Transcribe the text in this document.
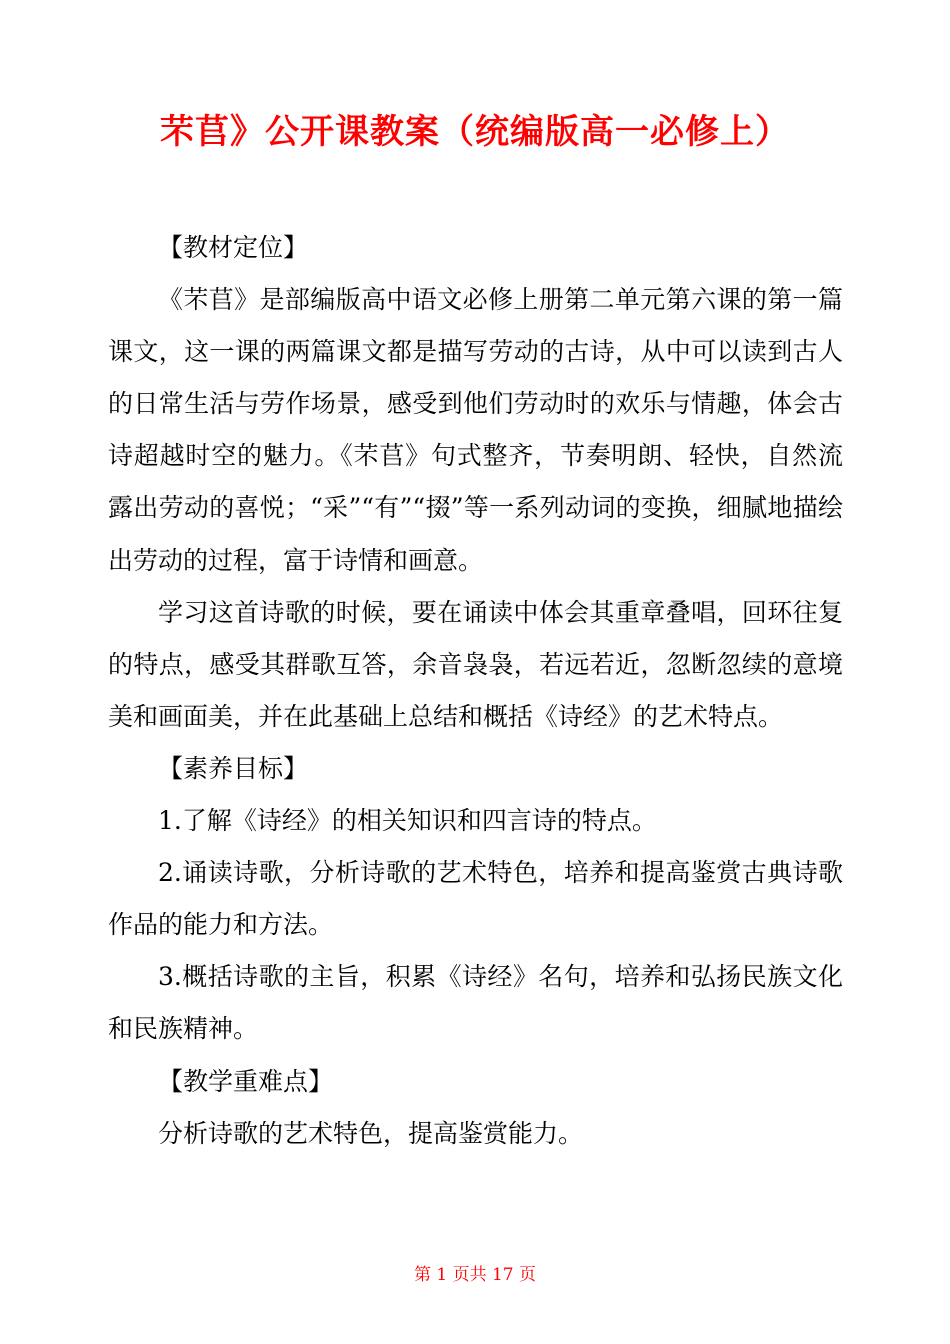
芣苢》公开课教案（统编版高一必修上）

【教材定位】

《芣苢》是部编版高中语文必修上册第二单元第六课的第一篇课文，这一课的两篇课文都是描写劳动的古诗，从中可以读到古人的日常生活与劳作场景，感受到他们劳动时的欢乐与情趣，体会古诗超越时空的魅力。《芣苢》句式整齐，节奏明朗、轻快，自然流露出劳动的喜悦；“采”“有”“掇”等一系列动词的变换，细腻地描绘出劳动的过程，富于诗情和画意。

学习这首诗歌的时候，要在诵读中体会其重章叠唱，回环往复的特点，感受其群歌互答，余音袅袅，若远若近，忽断忽续的意境美和画面美，并在此基础上总结和概括《诗经》的艺术特点。

【素养目标】

1.了解《诗经》的相关知识和四言诗的特点。

2.诵读诗歌，分析诗歌的艺术特色，培养和提高鉴赏古典诗歌作品的能力和方法。

3.概括诗歌的主旨，积累《诗经》名句，培养和弘扬民族文化和民族精神。

【教学重难点】

分析诗歌的艺术特色，提高鉴赏能力。

第 1 页共 17 页
